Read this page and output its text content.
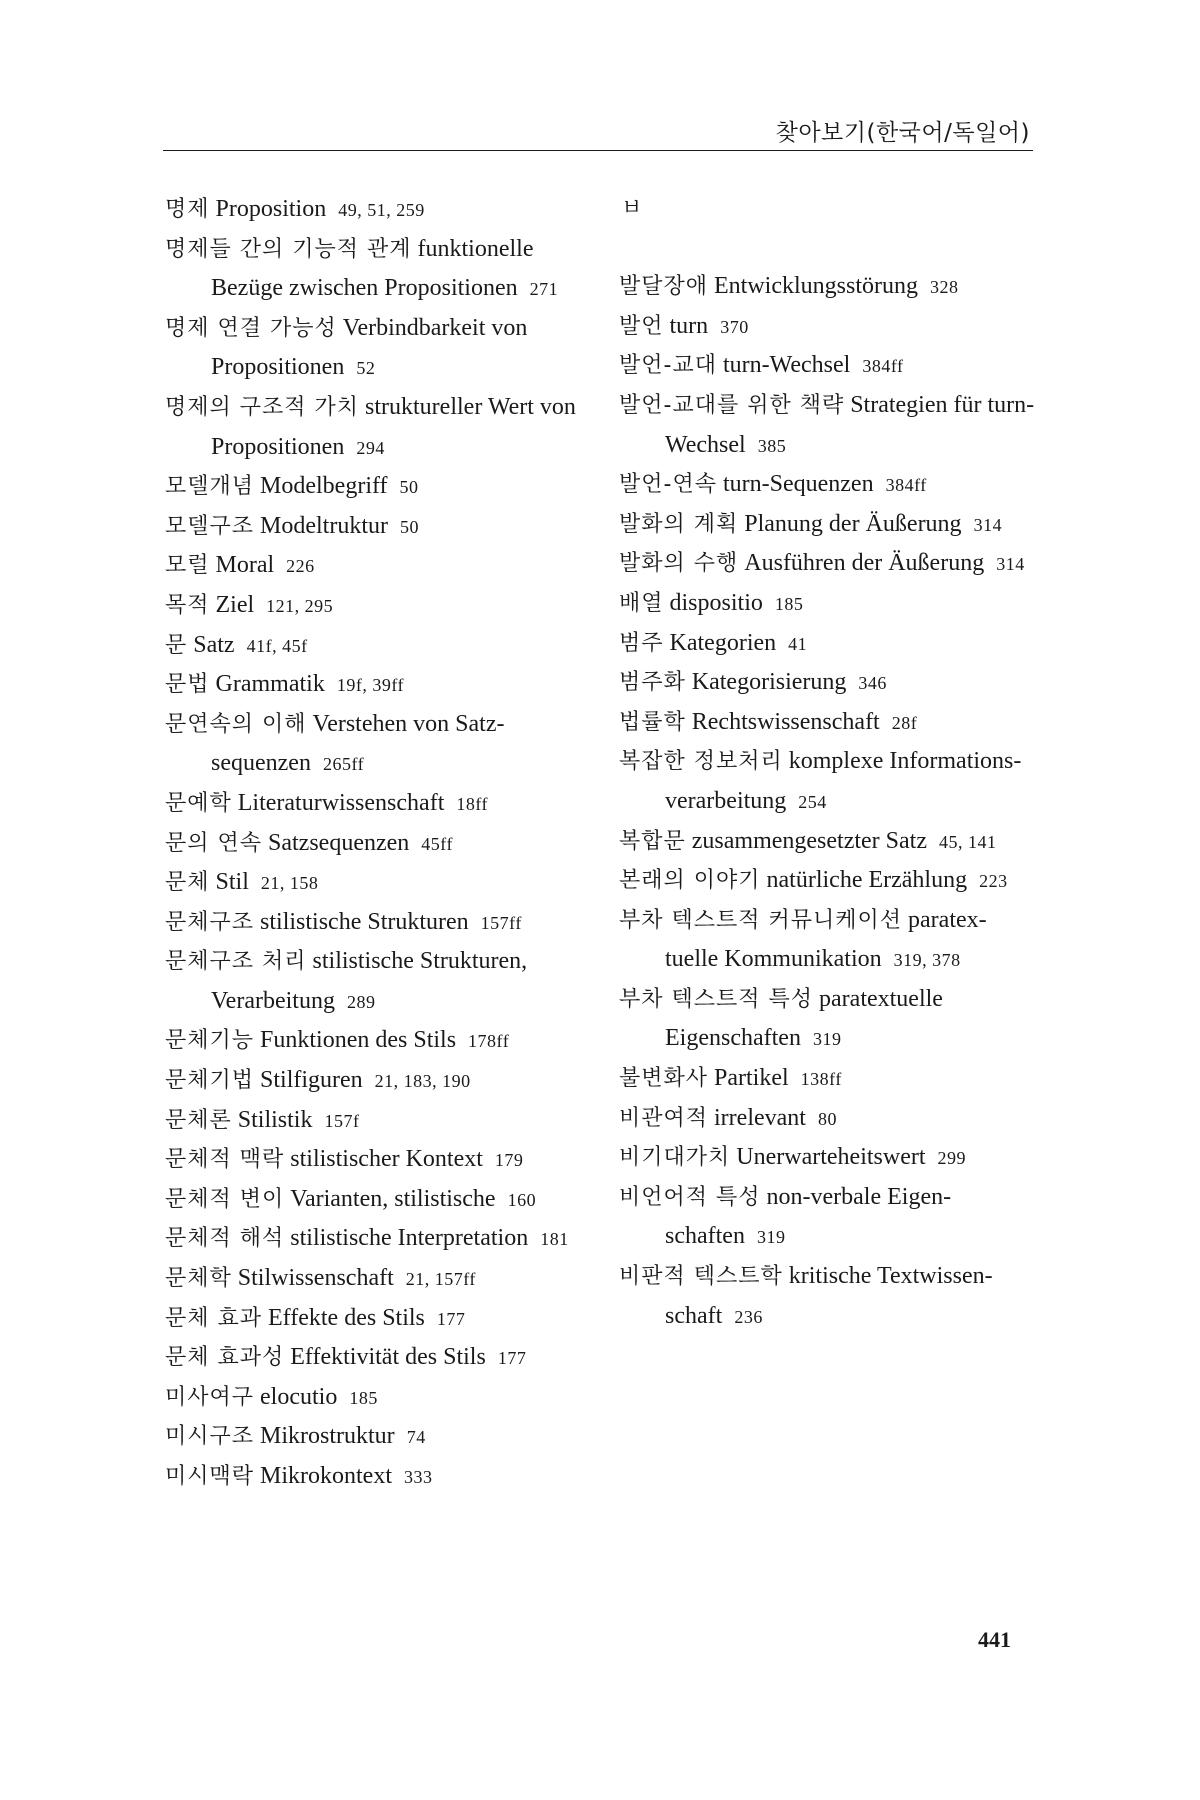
찾아보기(한국어/독일어)
명제 Proposition 49, 51, 259
명제들 간의 기능적 관계 funktionelle Bezüge zwischen Propositionen 271
명제 연결 가능성 Verbindbarkeit von Propositionen 52
명제의 구조적 가치 struktureller Wert von Propositionen 294
모델개념 Modelbegriff 50
모델구조 Modeltruktur 50
모럴 Moral 226
목적 Ziel 121, 295
문 Satz 41f, 45f
문법 Grammatik 19f, 39ff
문연속의 이해 Verstehen von Satz-sequenzen 265ff
문예학 Literaturwissenschaft 18ff
문의 연속 Satzsequenzen 45ff
문체 Stil 21, 158
문체구조 stilistische Strukturen 157ff
문체구조 처리 stilistische Strukturen, Verarbeitung 289
문체기능 Funktionen des Stils 178ff
문체기법 Stilfiguren 21, 183, 190
문체론 Stilistik 157f
문체적 맥락 stilistischer Kontext 179
문체적 변이 Varianten, stilistische 160
문체적 해석 stilistische Interpretation 181
문체학 Stilwissenschaft 21, 157ff
문체 효과 Effekte des Stils 177
문체 효과성 Effektivität des Stils 177
미사여구 elocutio 185
미시구조 Mikrostruktur 74
미시맥락 Mikrokontext 333
ㅂ
발달장애 Entwicklungsstörung 328
발언 turn 370
발언-교대 turn-Wechsel 384ff
발언-교대를 위한 책략 Strategien für turn-Wechsel 385
발언-연속 turn-Sequenzen 384ff
발화의 계획 Planung der Äußerung 314
발화의 수행 Ausführen der Äußerung 314
배열 dispositio 185
범주 Kategorien 41
범주화 Kategorisierung 346
법률학 Rechtswissenschaft 28f
복잡한 정보처리 komplexe Informations-verarbeitung 254
복합문 zusammengesetzter Satz 45, 141
본래의 이야기 natürliche Erzählung 223
부차 텍스트적 커뮤니케이션 paratex-tuelle Kommunikation 319, 378
부차 텍스트적 특성 paratextuelle Eigenschaften 319
불변화사 Partikel 138ff
비관여적 irrelevant 80
비기대가치 Unerwarteheitswert 299
비언어적 특성 non-verbale Eigen-schaften 319
비판적 텍스트학 kritische Textwissen-schaft 236
441
